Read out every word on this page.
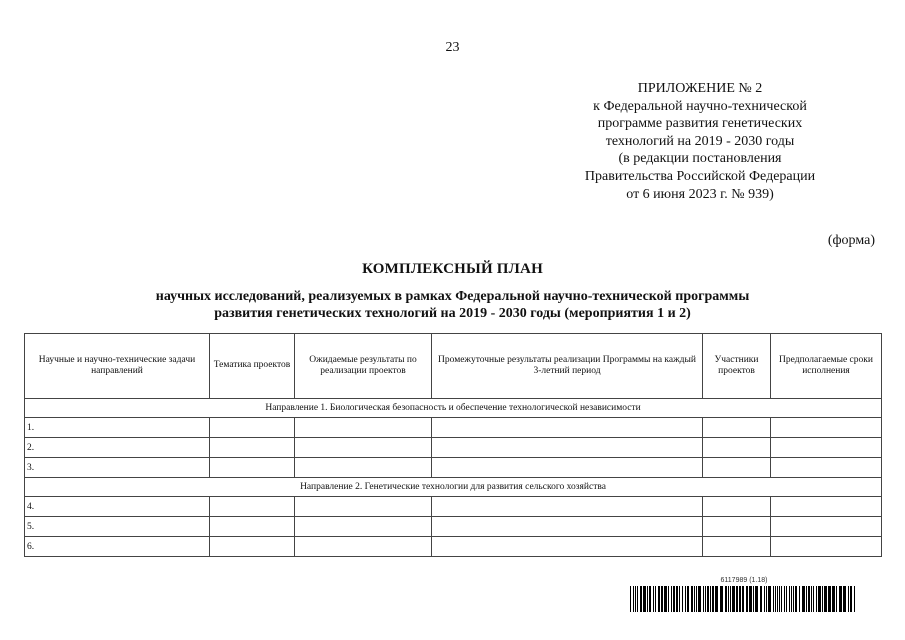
23
ПРИЛОЖЕНИЕ № 2
к Федеральной научно-технической
программе развития генетических
технологий на 2019 - 2030 годы
(в редакции постановления
Правительства Российской Федерации
от 6 июня 2023 г. № 939)
(форма)
КОМПЛЕКСНЫЙ ПЛАН
научных исследований, реализуемых в рамках Федеральной научно-технической программы
развития генетических технологий на 2019 - 2030 годы (мероприятия 1 и 2)
Научные и научно-технические задачи направлений	Тематика проектов	Ожидаемые результаты по реализации проектов	Промежуточные результаты реализации Программы на каждый 3-летний период	Участники проектов	Предполагаемые сроки исполнения
Направление 1. Биологическая безопасность и обеспечение технологической независимости					
1.					
2.					
3.					
Направление 2. Генетические технологии для развития сельского хозяйства					
4.					
5.					
6.					
6117989 (1.18)
